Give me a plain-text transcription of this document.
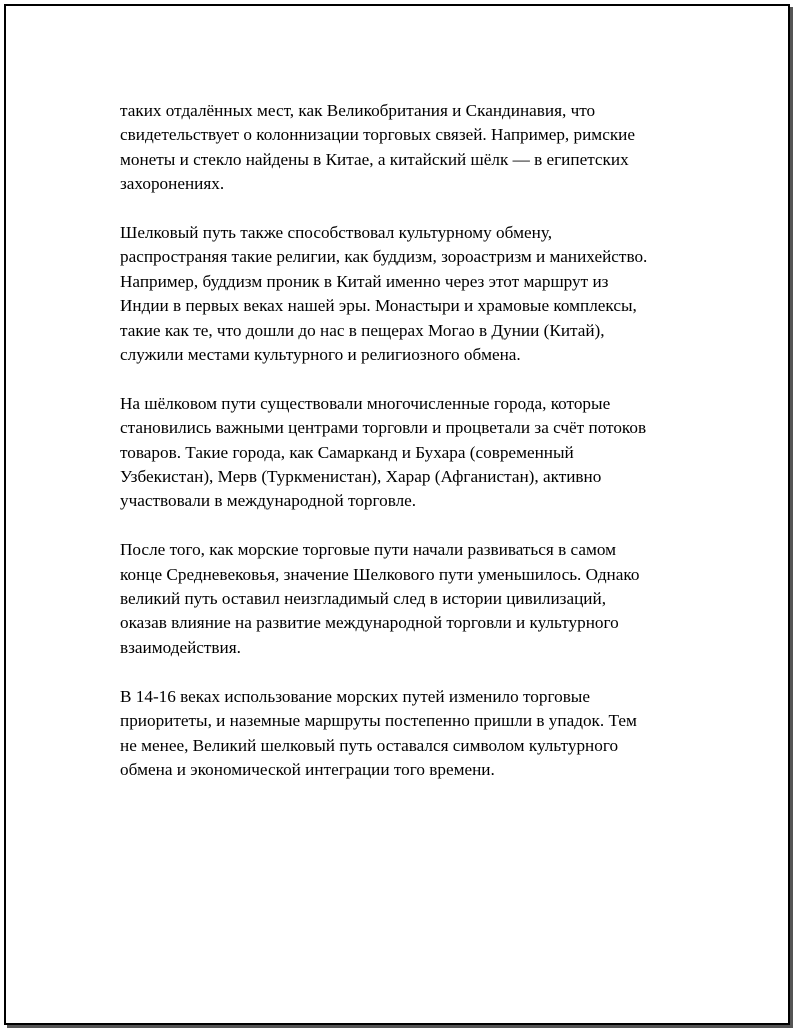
таких отдалённых мест, как Великобритания и Скандинавия, что
свидетельствует о колоннизации торговых связей. Например, римские
монеты и стекло найдены в Китае, а китайский шёлк — в египетских
захоронениях.

Шелковый путь также способствовал культурному обмену,
распространяя такие религии, как буддизм, зороастризм и манихейство.
Например, буддизм проник в Китай именно через этот маршрут из
Индии в первых веках нашей эры. Монастыри и храмовые комплексы,
такие как те, что дошли до нас в пещерах Могао в Дунии (Китай),
служили местами культурного и религиозного обмена.

На шёлковом пути существовали многочисленные города, которые
становились важными центрами торговли и процветали за счёт потоков
товаров. Такие города, как Самарканд и Бухара (современный
Узбекистан), Мерв (Туркменистан), Харар (Афганистан), активно
участвовали в международной торговле.

После того, как морские торговые пути начали развиваться в самом
конце Средневековья, значение Шелкового пути уменьшилось. Однако
великий путь оставил неизгладимый след в истории цивилизаций,
оказав влияние на развитие международной торговли и культурного
взаимодействия.

В 14-16 веках использование морских путей изменило торговые
приоритеты, и наземные маршруты постепенно пришли в упадок. Тем
не менее, Великий шелковый путь оставался символом культурного
обмена и экономической интеграции того времени.
